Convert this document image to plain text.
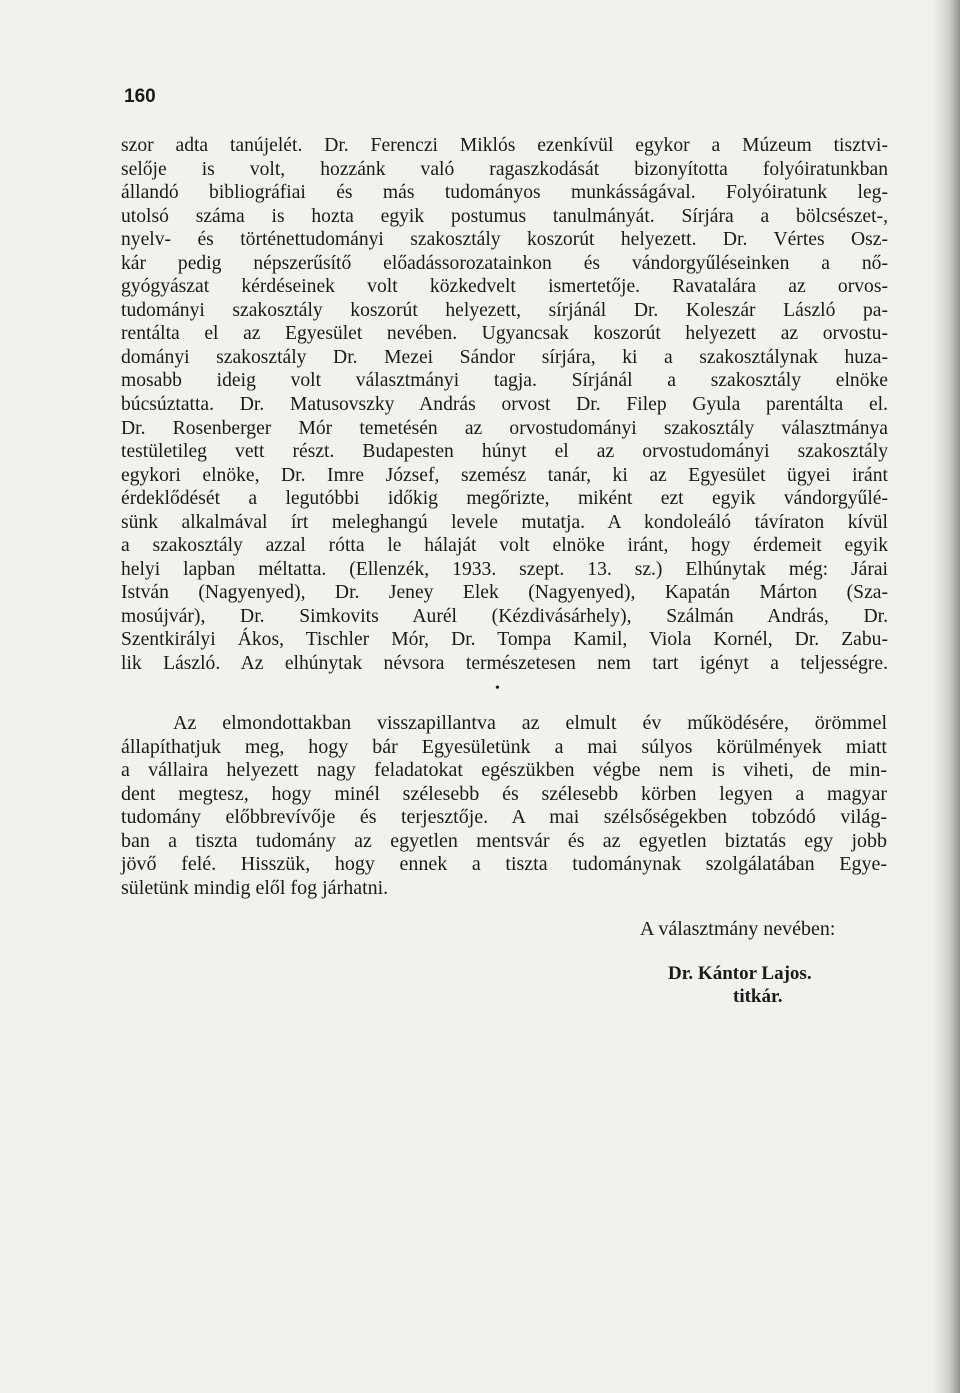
160
szor adta tanújelét. Dr. Ferenczi Miklós ezenkívül egykor a Múzeum tisztvi-
selője is volt, hozzánk való ragaszkodását bizonyította folyóiratunkban
állandó bibliográfiai és más tudományos munkásságával. Folyóiratunk leg-
utolsó száma is hozta egyik postumus tanulmányát. Sírjára a bölcsészet-,
nyelv- és történettudományi szakosztály koszorút helyezett. Dr. Vértes Osz-
kár pedig népszerűsítő előadássorozatainkon és vándorgyűléseinken a nő-
gyógyászat kérdéseinek volt közkedvelt ismertetője. Ravatalára az orvos-
tudományi szakosztály koszorút helyezett, sírjánál Dr. Koleszár László pa-
rentálta el az Egyesület nevében. Ugyancsak koszorút helyezett az orvostu-
dományi szakosztály Dr. Mezei Sándor sírjára, ki a szakosztálynak huza-
mosabb ideig volt választmányi tagja. Sírjánál a szakosztály elnöke
búcsúztatta. Dr. Matusovszky András orvost Dr. Filep Gyula parentálta el.
Dr. Rosenberger Mór temetésén az orvostudományi szakosztály választmánya
testületileg vett részt. Budapesten húnyt el az orvostudományi szakosztály
egykori elnöke, Dr. Imre József, szemész tanár, ki az Egyesület ügyei iránt
érdeklődését a legutóbbi időkig megőrizte, miként ezt egyik vándorgyűlé-
sünk alkalmával írt meleghangú levele mutatja. A kondoleáló távíraton kívül
a szakosztály azzal rótta le hálaját volt elnöke iránt, hogy érdemeit egyik
helyi lapban méltatta. (Ellenzék, 1933. szept. 13. sz.) Elhúnytak még: Járai
István (Nagyenyed), Dr. Jeney Elek (Nagyenyed), Kapatán Márton (Sza-
mosújvár), Dr. Simkovits Aurél (Kézdivásárhely), Szálmán András, Dr.
Szentkirályi Ákos, Tischler Mór, Dr. Tompa Kamil, Viola Kornél, Dr. Zabu-
lik László. Az elhúnytak névsora természetesen nem tart igényt a teljességre.
•
Az elmondottakban visszapillantva az elmult év működésére, örömmel
állapíthatjuk meg, hogy bár Egyesületünk a mai súlyos körülmények miatt
a vállaira helyezett nagy feladatokat egészükben végbe nem is viheti, de min-
dent megtesz, hogy minél szélesebb és szélesebb körben legyen a magyar
tudomány előbbrevívője és terjesztője. A mai szélsőségekben tobzódó világ-
ban a tiszta tudomány az egyetlen mentsvár és az egyetlen biztatás egy jobb
jövő felé. Hisszük, hogy ennek a tiszta tudománynak szolgálatában Egye-
sületünk mindig elől fog járhatni.
A választmány nevében:
Dr. Kántor Lajos.
titkár.
